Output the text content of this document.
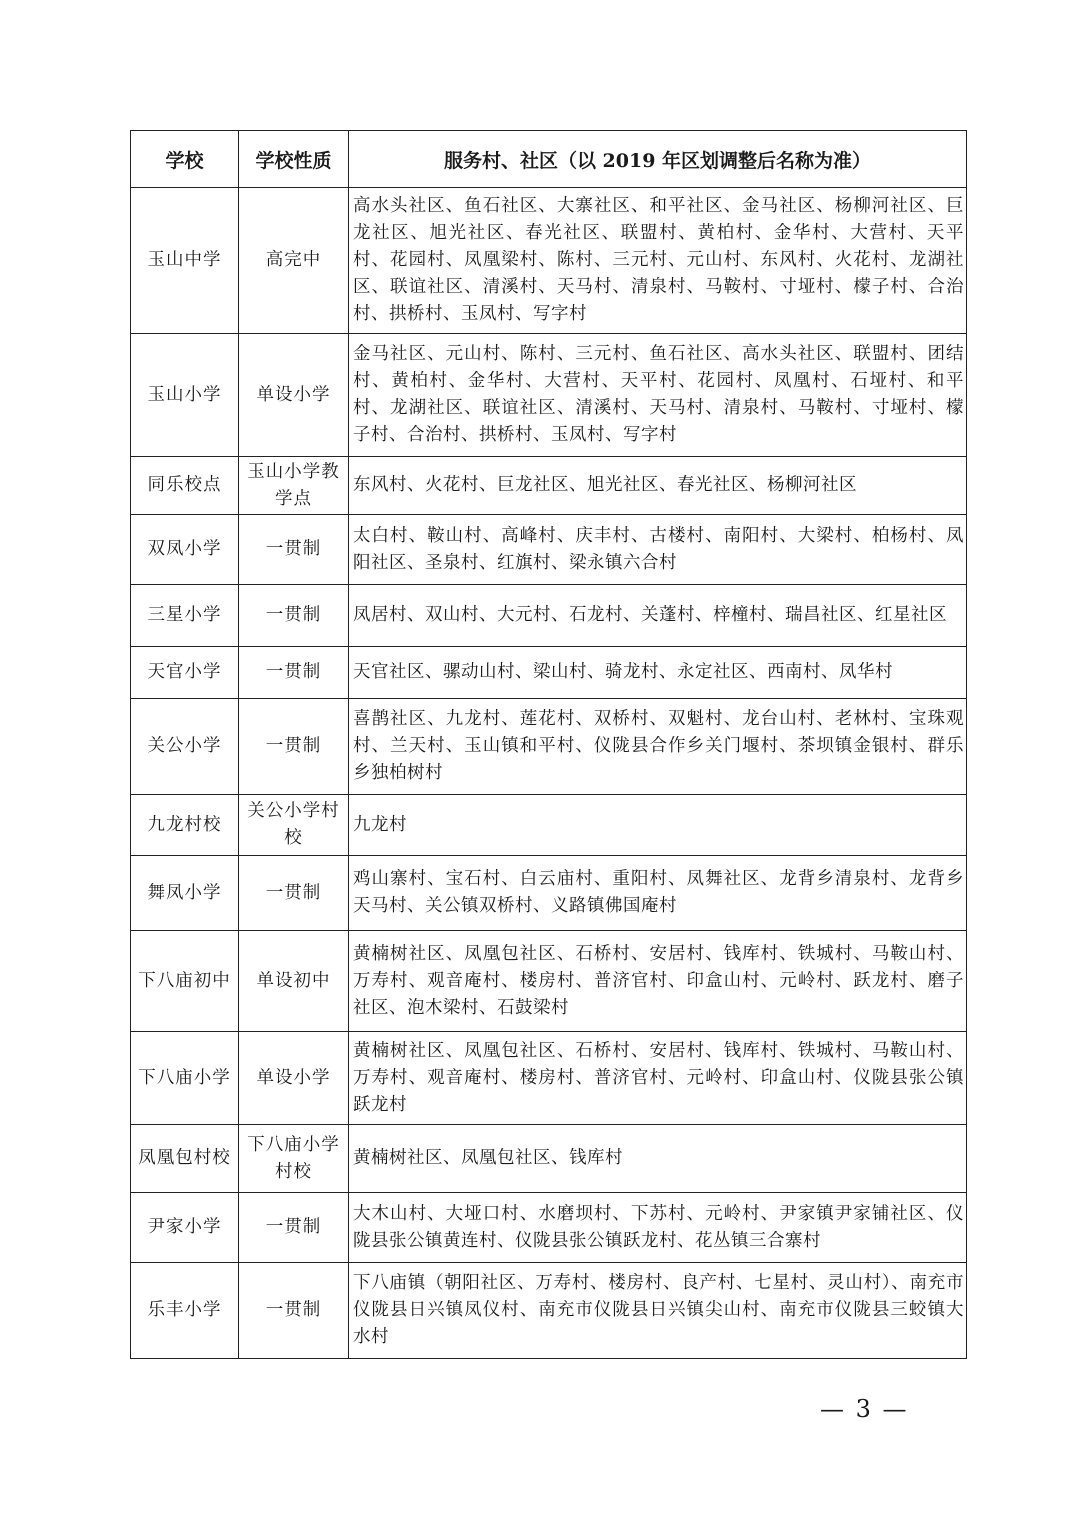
学校	学校性质	服务村、社区（以 2019 年区划调整后名称为准）
玉山中学	高完中	高水头社区、鱼石社区、大寨社区、和平社区、金马社区、杨柳河社区、巨龙社区、旭光社区、春光社区、联盟村、黄柏村、金华村、大营村、天平村、花园村、凤凰梁村、陈村、三元村、元山村、东风村、火花村、龙湖社区、联谊社区、清溪村、天马村、清泉村、马鞍村、寸垭村、檬子村、合治村、拱桥村、玉凤村、写字村
玉山小学	单设小学	金马社区、元山村、陈村、三元村、鱼石社区、高水头社区、联盟村、团结村、黄柏村、金华村、大营村、天平村、花园村、凤凰村、石垭村、和平村、龙湖社区、联谊社区、清溪村、天马村、清泉村、马鞍村、寸垭村、檬子村、合治村、拱桥村、玉凤村、写字村
同乐校点	玉山小学教学点	东风村、火花村、巨龙社区、旭光社区、春光社区、杨柳河社区
双凤小学	一贯制	太白村、鞍山村、高峰村、庆丰村、古楼村、南阳村、大梁村、柏杨村、凤阳社区、圣泉村、红旗村、梁永镇六合村
三星小学	一贯制	凤居村、双山村、大元村、石龙村、关蓬村、梓橦村、瑞昌社区、红星社区
天官小学	一贯制	天官社区、骡动山村、梁山村、骑龙村、永定社区、西南村、凤华村
关公小学	一贯制	喜鹊社区、九龙村、莲花村、双桥村、双魁村、龙台山村、老林村、宝珠观村、兰天村、玉山镇和平村、仪陇县合作乡关门堰村、茶坝镇金银村、群乐乡独柏树村
九龙村校	关公小学村校	九龙村
舞凤小学	一贯制	鸡山寨村、宝石村、白云庙村、重阳村、凤舞社区、龙背乡清泉村、龙背乡天马村、关公镇双桥村、义路镇佛国庵村
下八庙初中	单设初中	黄楠树社区、凤凰包社区、石桥村、安居村、钱库村、铁城村、马鞍山村、万寿村、观音庵村、楼房村、普济官村、印盒山村、元岭村、跃龙村、磨子社区、泡木梁村、石鼓梁村
下八庙小学	单设小学	黄楠树社区、凤凰包社区、石桥村、安居村、钱库村、铁城村、马鞍山村、万寿村、观音庵村、楼房村、普济官村、元岭村、印盒山村、仪陇县张公镇跃龙村
凤凰包村校	下八庙小学村校	黄楠树社区、凤凰包社区、钱库村
尹家小学	一贯制	大木山村、大垭口村、水磨坝村、下苏村、元岭村、尹家镇尹家铺社区、仪陇县张公镇黄连村、仪陇县张公镇跃龙村、花丛镇三合寨村
乐丰小学	一贯制	下八庙镇（朝阳社区、万寿村、楼房村、良产村、七星村、灵山村）、南充市仪陇县日兴镇凤仪村、南充市仪陇县日兴镇尖山村、南充市仪陇县三蛟镇大水村
— 3 —
